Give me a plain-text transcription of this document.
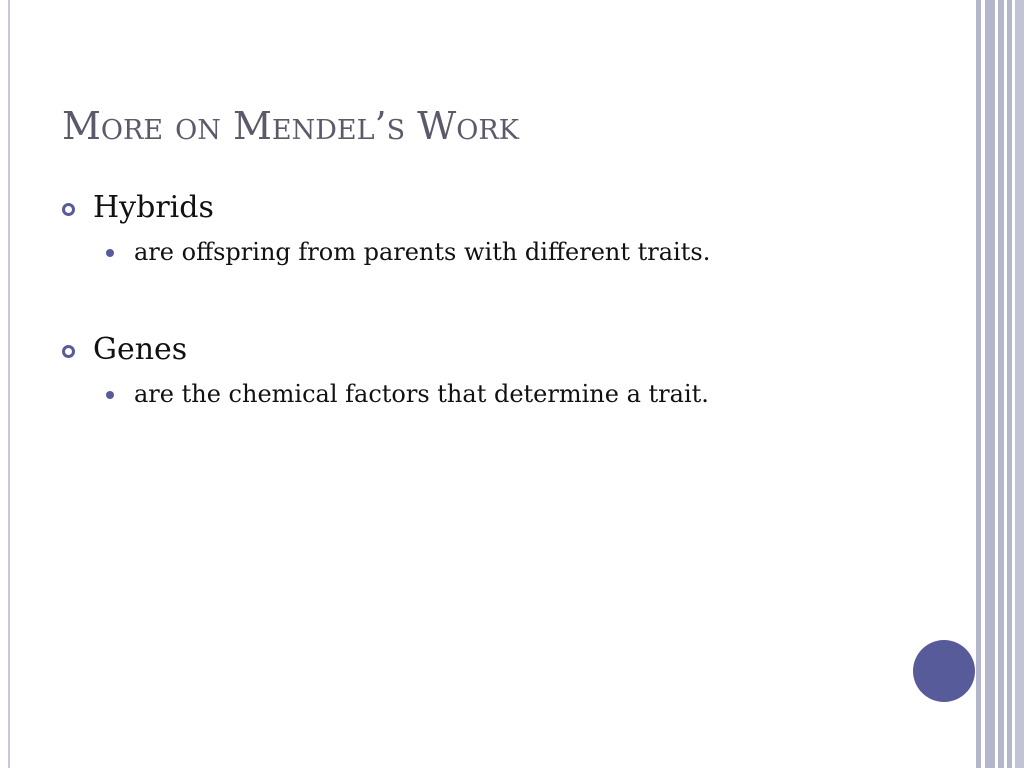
More on Mendel’s Work
Hybrids
are offspring from parents with different traits.
Genes
are the chemical factors that determine a trait.
